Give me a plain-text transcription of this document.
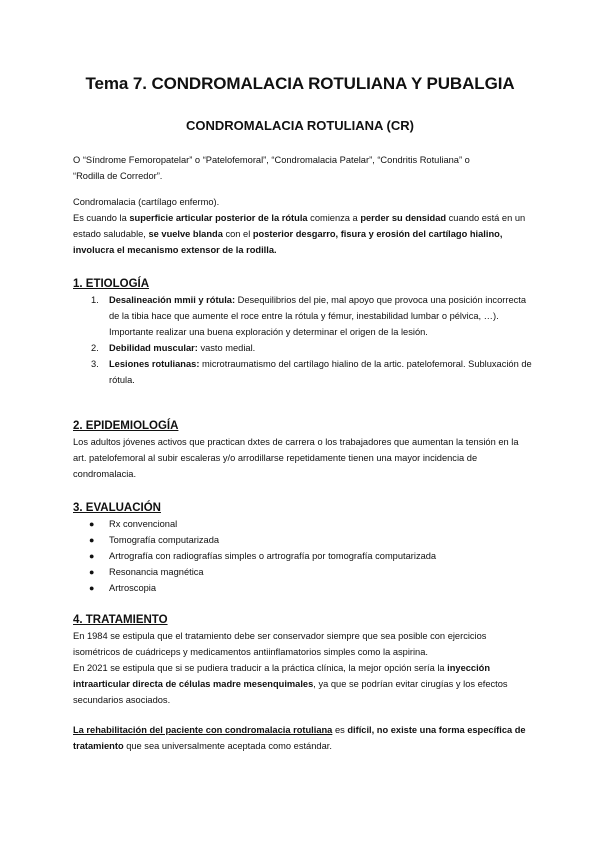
Tema 7. CONDROMALACIA ROTULIANA Y PUBALGIA
CONDROMALACIA ROTULIANA (CR)
O “Síndrome Femoropatelar” o “Patelofemoral”, “Condromalacia Patelar”, “Condritis Rotuliana” o
“Rodilla de Corredor”.
Condromalacia (cartílago enfermo).
Es cuando la superficie articular posterior de la rótula comienza a perder su densidad cuando está en un estado saludable, se vuelve blanda con el posterior desgarro, fisura y erosión del cartílago hialino, involucra el mecanismo extensor de la rodilla.
1. ETIOLOGÍA
1. Desalineación mmii y rótula: Desequilibrios del pie, mal apoyo que provoca una posición incorrecta de la tibia hace que aumente el roce entre la rótula y fémur, inestabilidad lumbar o pélvica, …).
Importante realizar una buena exploración y determinar el origen de la lesión.
2. Debilidad muscular: vasto medial.
3. Lesiones rotulianas: microtraumatismo del cartílago hialino de la artic. patelofemoral. Subluxación de rótula.
2. EPIDEMIOLOGÍA
Los adultos jóvenes activos que practican dxtes de carrera o los trabajadores que aumentan la tensión en la art. patelofemoral al subir escaleras y/o arrodillarse repetidamente tienen una mayor incidencia de condromalacia.
3. EVALUACIÓN
● Rx convencional
● Tomografía computarizada
● Artrografía con radiografías simples o artrografía por tomografía computarizada
● Resonancia magnética
● Artroscopia
4. TRATAMIENTO
En 1984 se estipula que el tratamiento debe ser conservador siempre que sea posible con ejercicios isométricos de cuádriceps y medicamentos antiinflamatorios simples como la aspirina.
En 2021 se estipula que si se pudiera traducir a la práctica clínica, la mejor opción sería la inyección intraarticular directa de células madre mesenquimales, ya que se podrían evitar cirugías y los efectos secundarios asociados.
La rehabilitación del paciente con condromalacia rotuliana es difícil, no existe una forma específica de tratamiento que sea universalmente aceptada como estándar.
